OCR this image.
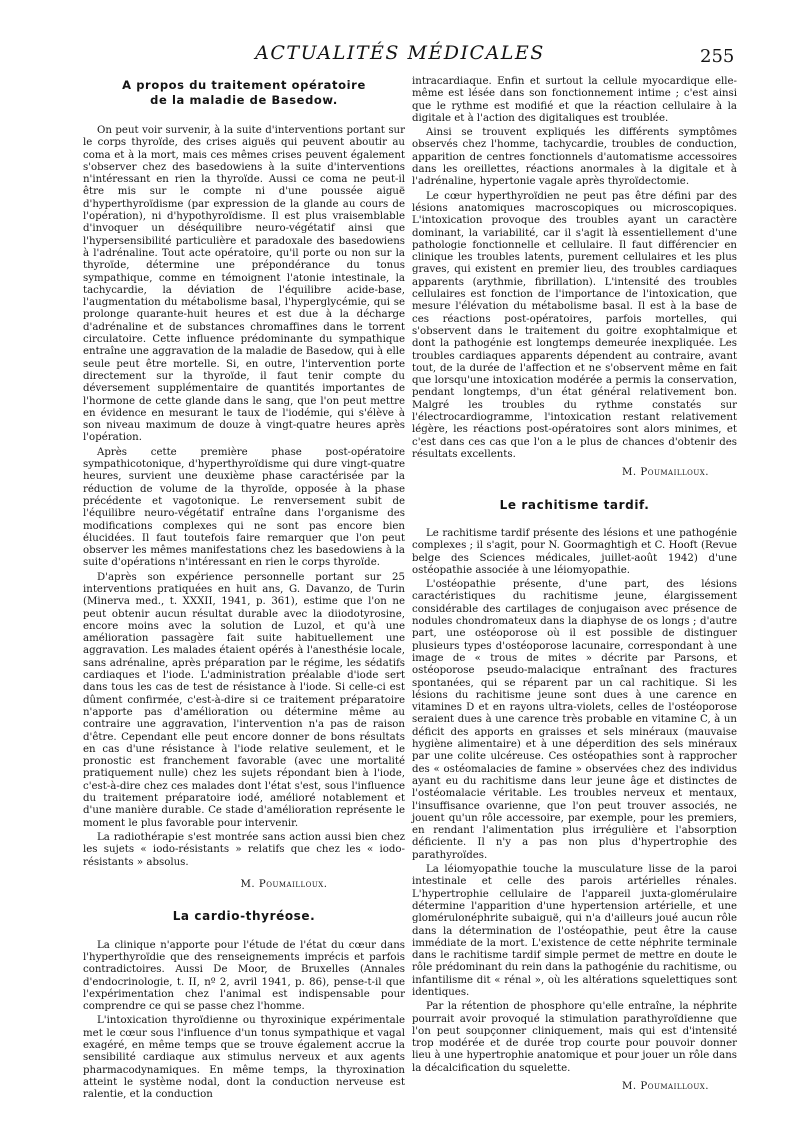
ACTUALITÉS MÉDICALES	255
A propos du traitement opératoire
de la maladie de Basedow.

On peut voir survenir, à la suite d'interventions portant sur le corps thyroïde, des crises aiguës qui peuvent aboutir au coma et à la mort, mais ces mêmes crises peuvent également s'observer chez des basedowiens à la suite d'interventions n'intéressant en rien la thyroïde. Aussi ce coma ne peut-il être mis sur le compte ni d'une poussée aiguë d'hyperthyroïdisme (par expression de la glande au cours de l'opération), ni d'hypothyroïdisme. Il est plus vraisemblable d'invoquer un déséquilibre neuro-végétatif ainsi que l'hypersensibilité particulière et paradoxale des basedowiens à l'adrénaline. Tout acte opératoire, qu'il porte ou non sur la thyroïde, détermine une prépondérance du tonus sympathique, comme en témoignent l'atonie intestinale, la tachycardie, la déviation de l'équilibre acide-base, l'augmentation du métabolisme basal, l'hyperglycémie, qui se prolonge quarante-huit heures et est due à la décharge d'adrénaline et de substances chromaffines dans le torrent circulatoire. Cette influence prédominante du sympathique entraîne une aggravation de la maladie de Basedow, qui à elle seule peut être mortelle. Si, en outre, l'intervention porte directement sur la thyroïde, il faut tenir compte du déversement supplémentaire de quantités importantes de l'hormone de cette glande dans le sang, que l'on peut mettre en évidence en mesurant le taux de l'iodémie, qui s'élève à son niveau maximum de douze à vingt-quatre heures après l'opération.

Après cette première phase post-opératoire sympathicotonique, d'hyperthyroïdisme qui dure vingt-quatre heures, survient une deuxième phase caractérisée par la réduction de volume de la thyroïde, opposée à la phase précédente et vagotonique. Le renversement subit de l'équilibre neuro-végétatif entraîne dans l'organisme des modifications complexes qui ne sont pas encore bien élucidées. Il faut toutefois faire remarquer que l'on peut observer les mêmes manifestations chez les basedowiens à la suite d'opérations n'intéressant en rien le corps thyroïde.

D'après son expérience personnelle portant sur 25 interventions pratiquées en huit ans, G. Davanzo, de Turin (Minerva med., t. XXXII, 1941, p. 361), estime que l'on ne peut obtenir aucun résultat durable avec la diiodotyrosine, encore moins avec la solution de Luzol, et qu'à une amélioration passagère fait suite habituellement une aggravation. Les malades étaient opérés à l'anesthésie locale, sans adrénaline, après préparation par le régime, les sédatifs cardiaques et l'iode. L'administration préalable d'iode sert dans tous les cas de test de résistance à l'iode. Si celle-ci est dûment confirmée, c'est-à-dire si ce traitement préparatoire n'apporte pas d'amélioration ou détermine même au contraire une aggravation, l'intervention n'a pas de raison d'être. Cependant elle peut encore donner de bons résultats en cas d'une résistance à l'iode relative seulement, et le pronostic est franchement favorable (avec une mortalité pratiquement nulle) chez les sujets répondant bien à l'iode, c'est-à-dire chez ces malades dont l'état s'est, sous l'influence du traitement préparatoire iodé, amélioré notablement et d'une manière durable. Ce stade d'amélioration représente le moment le plus favorable pour intervenir.

La radiothérapie s'est montrée sans action aussi bien chez les sujets « iodo-résistants » relatifs que chez les « iodo-résistants » absolus.

M. Poumailloux.
La cardio-thyréose.

La clinique n'apporte pour l'étude de l'état du cœur dans l'hyperthyroïdie que des renseignements imprécis et parfois contradictoires. Aussi De Moor, de Bruxelles (Annales d'endocrinologie, t. II, nº 2, avril 1941, p. 86), pense-t-il que l'expérimentation chez l'animal est indispensable pour comprendre ce qui se passe chez l'homme.

L'intoxication thyroïdienne ou thyroxinique expérimentale met le cœur sous l'influence d'un tonus sympathique et vagal exagéré, en même temps que se trouve également accrue la sensibilité cardiaque aux stimulus nerveux et aux agents pharmacodynamiques. En même temps, la thyroxination atteint le système nodal, dont la conduction nerveuse est ralentie, et la conduction

intracardiaque. Enfin et surtout la cellule myocardique elle-même est lésée dans son fonctionnement intime ; c'est ainsi que le rythme est modifié et que la réaction cellulaire à la digitale et à l'action des digitaliques est troublée.

Ainsi se trouvent expliqués les différents symptômes observés chez l'homme, tachycardie, troubles de conduction, apparition de centres fonctionnels d'automatisme accessoires dans les oreillettes, réactions anormales à la digitale et à l'adrénaline, hypertonie vagale après thyroïdectomie.

Le cœur hyperthyroïdien ne peut pas être défini par des lésions anatomiques macroscopiques ou microscopiques. L'intoxication provoque des troubles ayant un caractère dominant, la variabilité, car il s'agit là essentiellement d'une pathologie fonctionnelle et cellulaire. Il faut différencier en clinique les troubles latents, purement cellulaires et les plus graves, qui existent en premier lieu, des troubles cardiaques apparents (arythmie, fibrillation). L'intensité des troubles cellulaires est fonction de l'importance de l'intoxication, que mesure l'élévation du métabolisme basal. Il est à la base de ces réactions post-opératoires, parfois mortelles, qui s'observent dans le traitement du goitre exophtalmique et dont la pathogénie est longtemps demeurée inexpliquée. Les troubles cardiaques apparents dépendent au contraire, avant tout, de la durée de l'affection et ne s'observent même en fait que lorsqu'une intoxication modérée a permis la conservation, pendant longtemps, d'un état général relativement bon. Malgré les troubles du rythme constatés sur l'électrocardiogramme, l'intoxication restant relativement légère, les réactions post-opératoires sont alors minimes, et c'est dans ces cas que l'on a le plus de chances d'obtenir des résultats excellents.

M. Poumailloux.
Le rachitisme tardif.

Le rachitisme tardif présente des lésions et une pathogénie complexes ; il s'agit, pour N. Goormaghtigh et C. Hooft (Revue belge des Sciences médicales, juillet-août 1942) d'une ostéopathie associée à une léiomyopathie.

L'ostéopathie présente, d'une part, des lésions caractéristiques du rachitisme jeune, élargissement considérable des cartilages de conjugaison avec présence de nodules chondromateux dans la diaphyse de os longs ; d'autre part, une ostéoporose où il est possible de distinguer plusieurs types d'ostéoporose lacunaire, correspondant à une image de « trous de mites » décrite par Parsons, et ostéoporose pseudo-malacique entraînant des fractures spontanées, qui se réparent par un cal rachitique. Si les lésions du rachitisme jeune sont dues à une carence en vitamines D et en rayons ultra-violets, celles de l'ostéoporose seraient dues à une carence très probable en vitamine C, à un déficit des apports en graisses et sels minéraux (mauvaise hygiène alimentaire) et à une déperdition des sels minéraux par une colite ulcéreuse. Ces ostéopathies sont à rapprocher des « ostéomalacies de famine » observées chez des individus ayant eu du rachitisme dans leur jeune âge et distinctes de l'ostéomalacie véritable. Les troubles nerveux et mentaux, l'insuffisance ovarienne, que l'on peut trouver associés, ne jouent qu'un rôle accessoire, par exemple, pour les premiers, en rendant l'alimentation plus irrégulière et l'absorption déficiente. Il n'y a pas non plus d'hypertrophie des parathyroïdes.

La léiomyopathie touche la musculature lisse de la paroi intestinale et celle des parois artérielles rénales. L'hypertrophie cellulaire de l'appareil juxta-glomérulaire détermine l'apparition d'une hypertension artérielle, et une glomérulonéphrite subaiguë, qui n'a d'ailleurs joué aucun rôle dans la détermination de l'ostéopathie, peut être la cause immédiate de la mort. L'existence de cette néphrite terminale dans le rachitisme tardif simple permet de mettre en doute le rôle prédominant du rein dans la pathogénie du rachitisme, ou infantilisme dit « rénal », où les altérations squelettiques sont identiques.

Par la rétention de phosphore qu'elle entraîne, la néphrite pourrait avoir provoqué la stimulation parathyroïdienne que l'on peut soupçonner cliniquement, mais qui est d'intensité trop modérée et de durée trop courte pour pouvoir donner lieu à une hypertrophie anatomique et pour jouer un rôle dans la décalcification du squelette.

M. Poumailloux.
